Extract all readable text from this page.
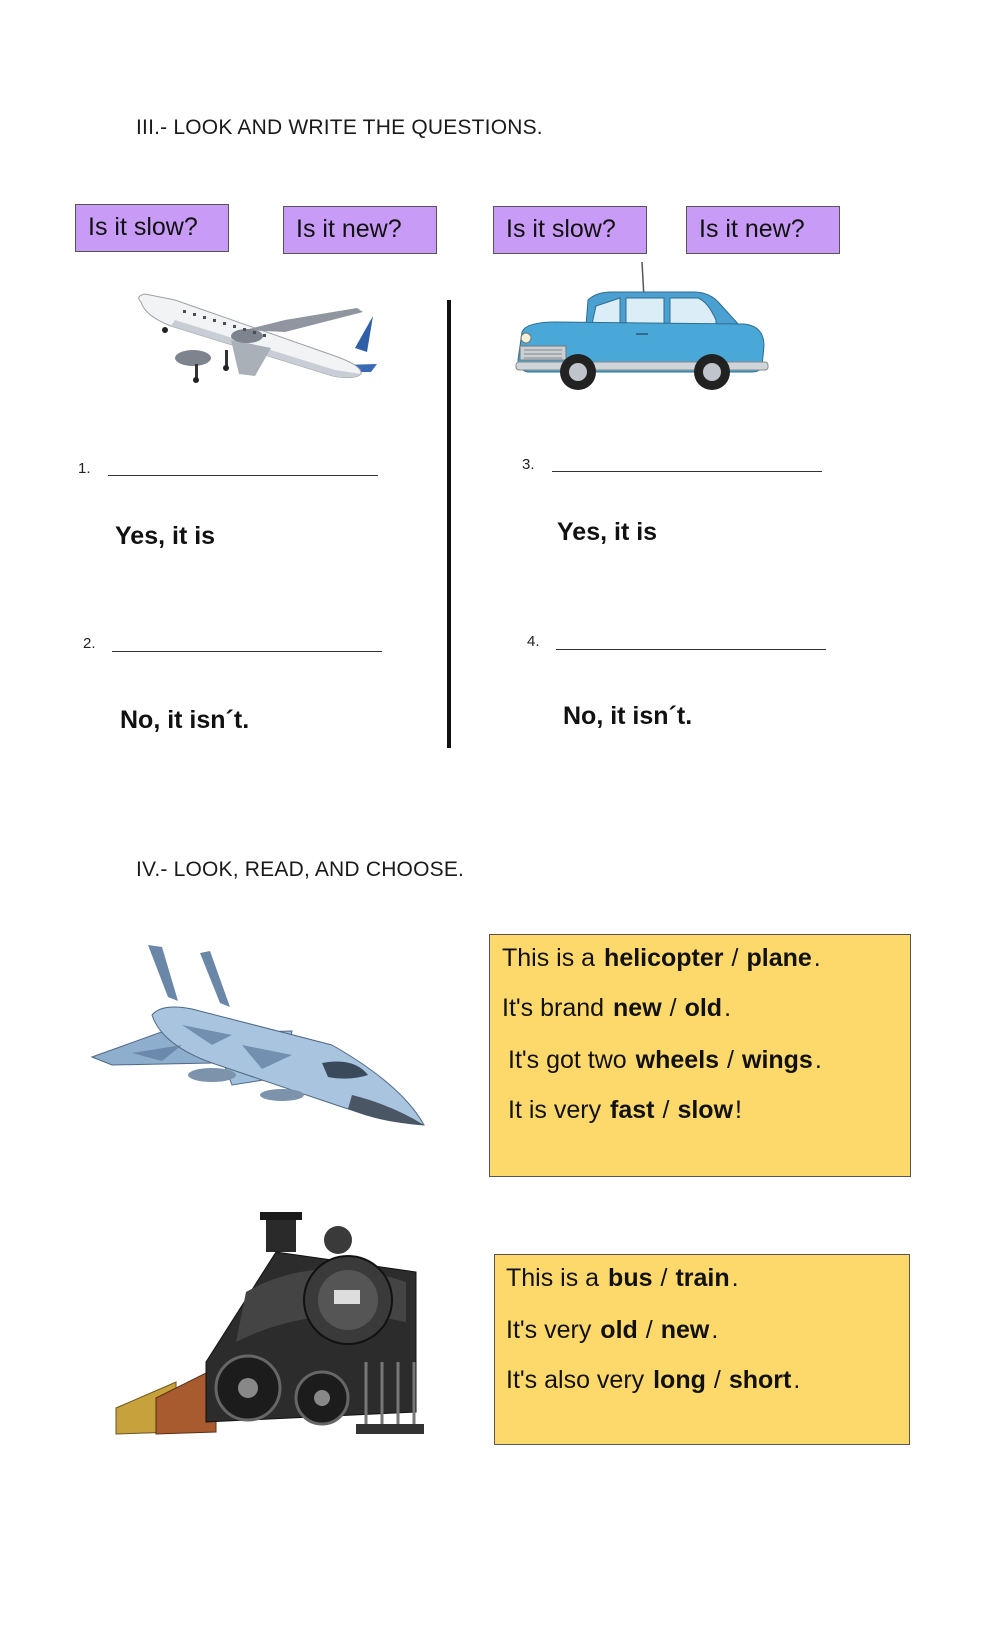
III.- LOOK AND WRITE THE QUESTIONS.
Is it slow?	Is it new?	Is it slow?	Is it new?
1.
Yes, it is
2.
No, it isn´t.
3.
Yes, it is
4.
No, it isn´t.
IV.- LOOK, READ, AND CHOOSE.
This is a helicopter / plane.
It's brand new / old.
It's got two wheels / wings.
It is very fast / slow!
This is a bus / train.
It's very old / new.
It's also very long / short.
